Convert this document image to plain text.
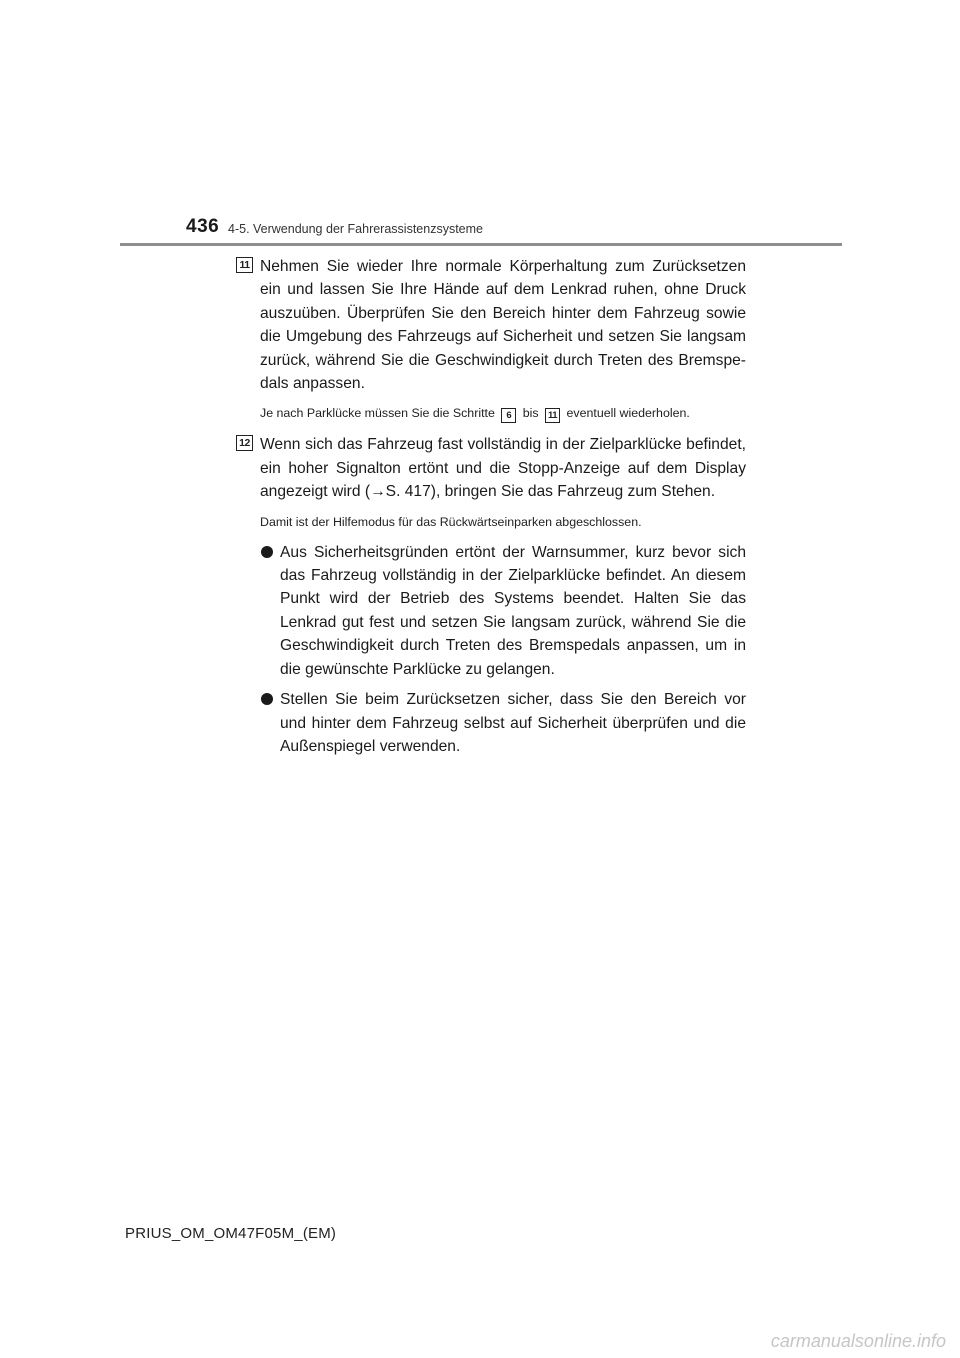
436 4-5. Verwendung der Fahrerassistenzsysteme
11 Nehmen Sie wieder Ihre normale Körperhaltung zum Zurücksetzen ein und lassen Sie Ihre Hände auf dem Lenkrad ruhen, ohne Druck auszuüben. Überprüfen Sie den Bereich hinter dem Fahrzeug sowie die Umgebung des Fahrzeugs auf Sicherheit und setzen Sie langsam zurück, während Sie die Geschwindigkeit durch Treten des Bremspedals anpassen.

Je nach Parklücke müssen Sie die Schritte 6 bis 11 eventuell wiederholen.

12 Wenn sich das Fahrzeug fast vollständig in der Zielparklücke befindet, ein hoher Signalton ertönt und die Stopp-Anzeige auf dem Display angezeigt wird (→S. 417), bringen Sie das Fahrzeug zum Stehen.

Damit ist der Hilfemodus für das Rückwärtseinparken abgeschlossen.

Aus Sicherheitsgründen ertönt der Warnsummer, kurz bevor sich das Fahrzeug vollständig in der Zielparklücke befindet. An diesem Punkt wird der Betrieb des Systems beendet. Halten Sie das Lenkrad gut fest und setzen Sie langsam zurück, während Sie die Geschwindigkeit durch Treten des Bremspedals anpassen, um in die gewünschte Parklücke zu gelangen.

Stellen Sie beim Zurücksetzen sicher, dass Sie den Bereich vor und hinter dem Fahrzeug selbst auf Sicherheit überprüfen und die Außenspiegel verwenden.

PRIUS_OM_OM47F05M_(EM)
carmanualsonline.info
